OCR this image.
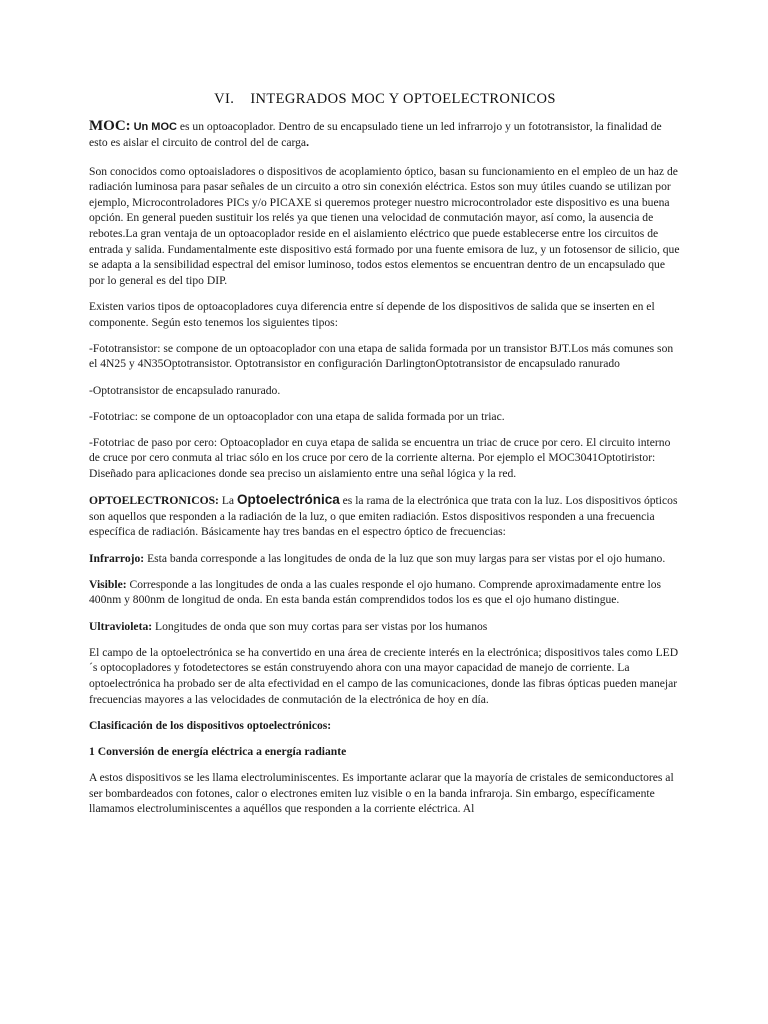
VI. INTEGRADOS MOC Y OPTOELECTRONICOS

MOC: Un MOC es un optoacoplador. Dentro de su encapsulado tiene un led infrarrojo y un fototransistor, la finalidad de esto es aislar el circuito de control del de carga.

Son conocidos como optoaisladores o dispositivos de acoplamiento óptico, basan su funcionamiento en el empleo de un haz de radiación luminosa para pasar señales de un circuito a otro sin conexión eléctrica. Estos son muy útiles cuando se utilizan por ejemplo, Microcontroladores PICs y/o PICAXE si queremos proteger nuestro microcontrolador este dispositivo es una buena opción. En general pueden sustituir los relés ya que tienen una velocidad de conmutación mayor, así como, la ausencia de rebotes.La gran ventaja de un optoacoplador reside en el aislamiento eléctrico que puede establecerse entre los circuitos de entrada y salida. Fundamentalmente este dispositivo está formado por una fuente emisora de luz, y un fotosensor de silicio, que se adapta a la sensibilidad espectral del emisor luminoso, todos estos elementos se encuentran dentro de un encapsulado que por lo general es del tipo DIP.

Existen varios tipos de optoacopladores cuya diferencia entre sí depende de los dispositivos de salida que se inserten en el componente. Según esto tenemos los siguientes tipos:

-Fototransistor: se compone de un optoacoplador con una etapa de salida formada por un transistor BJT.Los más comunes son el 4N25 y 4N35Optotransistor. Optotransistor en configuración DarlingtonOptotransistor de encapsulado ranurado

-Optotransistor de encapsulado ranurado.

-Fototriac: se compone de un optoacoplador con una etapa de salida formada por un triac.

-Fototriac de paso por cero: Optoacoplador en cuya etapa de salida se encuentra un triac de cruce por cero. El circuito interno de cruce por cero conmuta al triac sólo en los cruce por cero de la corriente alterna. Por ejemplo el MOC3041Optotiristor: Diseñado para aplicaciones donde sea preciso un aislamiento entre una señal lógica y la red.

OPTOELECTRONICOS: La Optoelectrónica es la rama de la electrónica que trata con la luz. Los dispositivos ópticos son aquellos que responden a la radiación de la luz, o que emiten radiación. Estos dispositivos responden a una frecuencia específica de radiación. Básicamente hay tres bandas en el espectro óptico de frecuencias:

Infrarrojo: Esta banda corresponde a las longitudes de onda de la luz que son muy largas para ser vistas por el ojo humano.

Visible: Corresponde a las longitudes de onda a las cuales responde el ojo humano. Comprende aproximadamente entre los 400nm y 800nm de longitud de onda. En esta banda están comprendidos todos los es que el ojo humano distingue.

Ultravioleta: Longitudes de onda que son muy cortas para ser vistas por los humanos

El campo de la optoelectrónica se ha convertido en una área de creciente interés en la electrónica; dispositivos tales como LED´s optocopladores y fotodetectores se están construyendo ahora con una mayor capacidad de manejo de corriente. La optoelectrónica ha probado ser de alta efectividad en el campo de las comunicaciones, donde las fibras ópticas pueden manejar frecuencias mayores a las velocidades de conmutación de la electrónica de hoy en día.

Clasificación de los dispositivos optoelectrónicos:

1 Conversión de energía eléctrica a energía radiante

A estos dispositivos se les llama electroluminiscentes. Es importante aclarar que la mayoría de cristales de semiconductores al ser bombardeados con fotones, calor o electrones emiten luz visible o en la banda infraroja. Sin embargo, específicamente llamamos electroluminiscentes a aquéllos que responden a la corriente eléctrica. Al
